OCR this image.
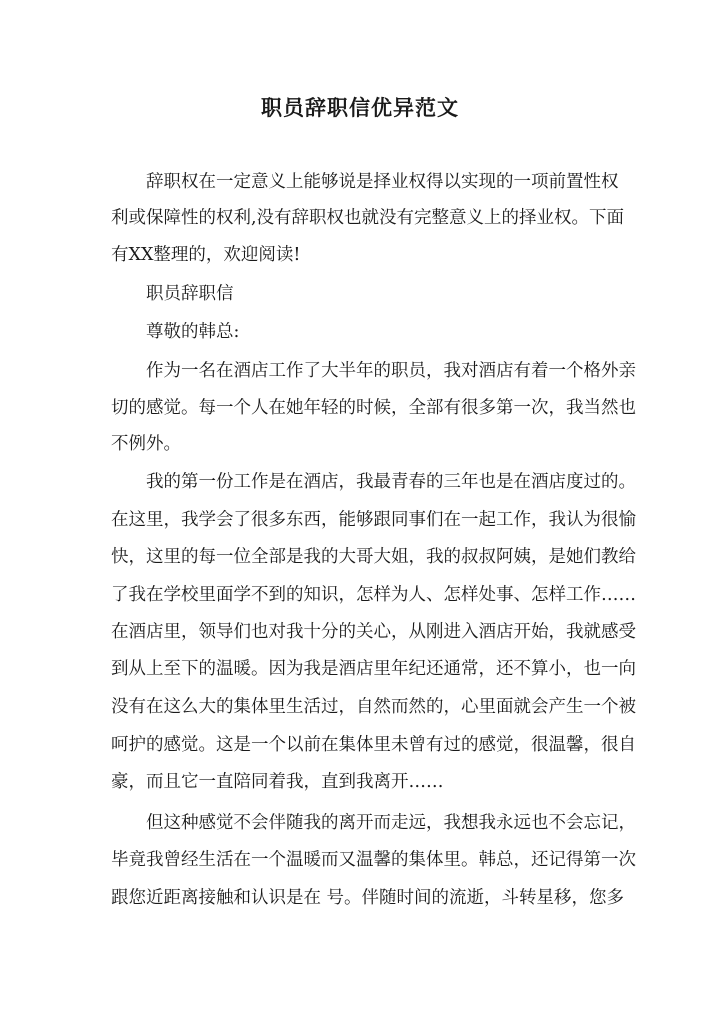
职员辞职信优异范文

辞职权在一定意义上能够说是择业权得以实现的一项前置性权

利或保障性的权利,没有辞职权也就没有完整意义上的择业权。下面

有XX整理的，欢迎阅读!

职员辞职信

尊敬的韩总:

作为一名在酒店工作了大半年的职员，我对酒店有着一个格外亲

切的感觉。每一个人在她年轻的时候，全部有很多第一次，我当然也

不例外。

我的第一份工作是在酒店，我最青春的三年也是在酒店度过的。

在这里，我学会了很多东西，能够跟同事们在一起工作，我认为很愉

快，这里的每一位全部是我的大哥大姐，我的叔叔阿姨，是她们教给

了我在学校里面学不到的知识，怎样为人、怎样处事、怎样工作……

在酒店里，领导们也对我十分的关心，从刚进入酒店开始，我就感受

到从上至下的温暖。因为我是酒店里年纪还通常，还不算小，也一向

没有在这么大的集体里生活过，自然而然的，心里面就会产生一个被

呵护的感觉。这是一个以前在集体里未曾有过的感觉，很温馨，很自

豪，而且它一直陪同着我，直到我离开……

但这种感觉不会伴随我的离开而走远，我想我永远也不会忘记，

毕竟我曾经生活在一个温暖而又温馨的集体里。韩总，还记得第一次

跟您近距离接触和认识是在 号。伴随时间的流逝，斗转星移，您多
